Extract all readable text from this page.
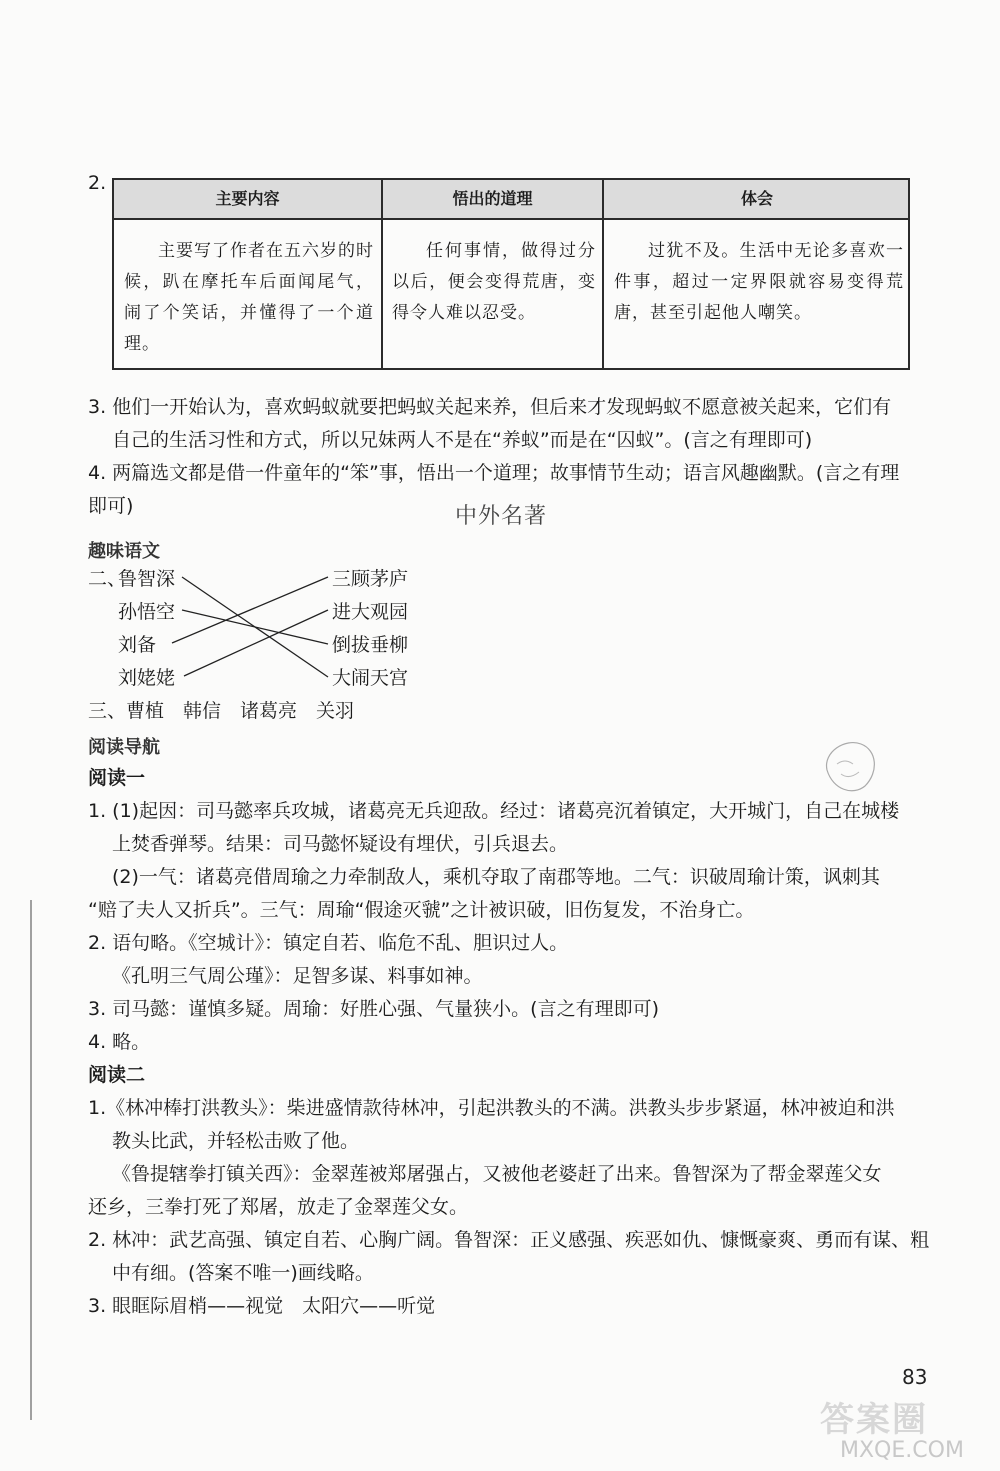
2.
主要内容	悟出的道理	体会
主要写了作者在五六岁的时候，趴在摩托车后面闻尾气，闹了个笑话，并懂得了一个道理。
任何事情，做得过分以后，便会变得荒唐，变得令人难以忍受。
过犹不及。生活中无论多喜欢一件事，超过一定界限就容易变得荒唐，甚至引起他人嘲笑。
3. 他们一开始认为，喜欢蚂蚁就要把蚂蚁关起来养，但后来才发现蚂蚁不愿意被关起来，它们有
自己的生活习性和方式，所以兄妹两人不是在“养蚁”而是在“囚蚁”。(言之有理即可)
4. 两篇选文都是借一件童年的“笨”事，悟出一个道理；故事情节生动；语言风趣幽默。(言之有理
即可)	中外名著
趣味语文
二、
鲁智深
孙悟空
刘备
刘姥姥
三顾茅庐
进大观园
倒拔垂柳
大闹天宫
三、曹植　韩信　诸葛亮　关羽
阅读导航
阅读一
1. (1)起因：司马懿率兵攻城，诸葛亮无兵迎敌。经过：诸葛亮沉着镇定，大开城门，自己在城楼
上焚香弹琴。结果：司马懿怀疑设有埋伏，引兵退去。
(2)一气：诸葛亮借周瑜之力牵制敌人，乘机夺取了南郡等地。二气：识破周瑜计策，讽刺其
“赔了夫人又折兵”。三气：周瑜“假途灭虢”之计被识破，旧伤复发，不治身亡。
2. 语句略。《空城计》：镇定自若、临危不乱、胆识过人。
《孔明三气周公瑾》：足智多谋、料事如神。
3. 司马懿：谨慎多疑。周瑜：好胜心强、气量狭小。(言之有理即可)
4. 略。
阅读二
1.《林冲棒打洪教头》：柴进盛情款待林冲，引起洪教头的不满。洪教头步步紧逼，林冲被迫和洪
教头比武，并轻松击败了他。
《鲁提辖拳打镇关西》：金翠莲被郑屠强占，又被他老婆赶了出来。鲁智深为了帮金翠莲父女
还乡，三拳打死了郑屠，放走了金翠莲父女。
2. 林冲：武艺高强、镇定自若、心胸广阔。鲁智深：正义感强、疾恶如仇、慷慨豪爽、勇而有谋、粗
中有细。(答案不唯一)画线略。
3. 眼眶际眉梢——视觉　太阳穴——听觉
83
答案圈
MXQE.COM
